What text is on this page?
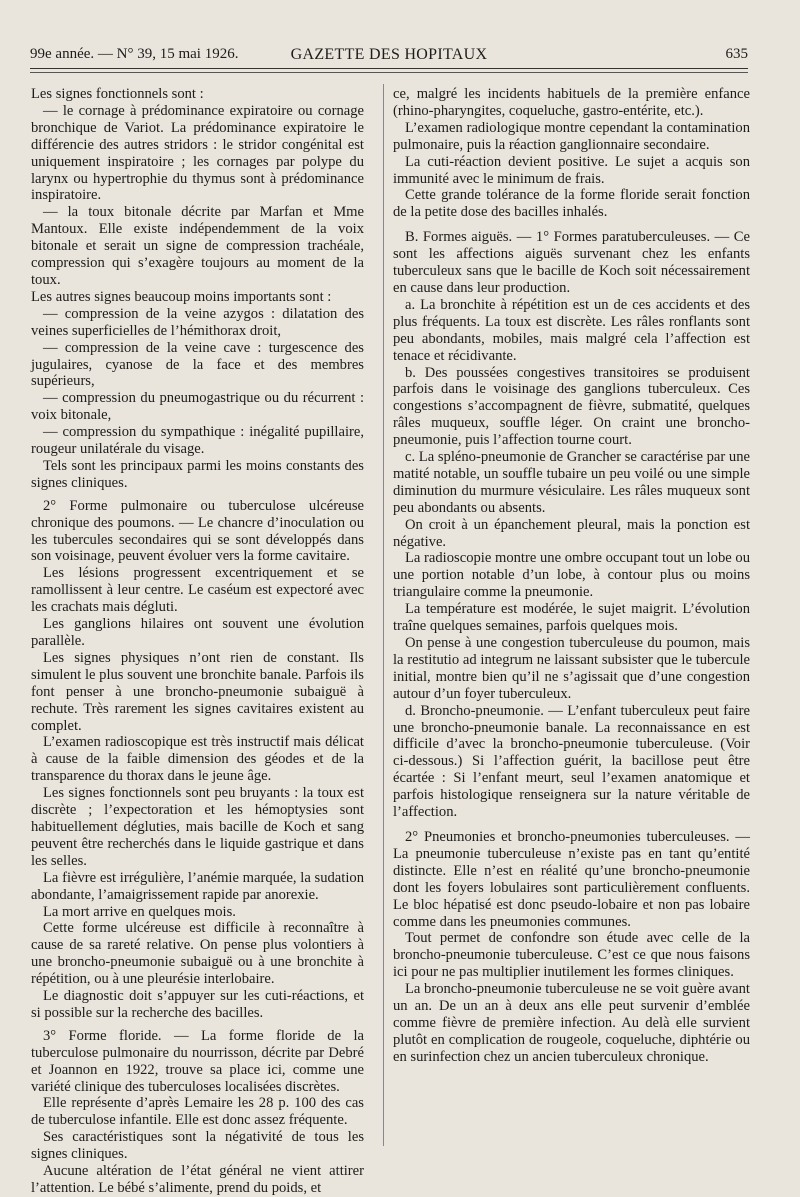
99e année. — N° 39, 15 mai 1926.	GAZETTE DES HOPITAUX	635

Les signes fonctionnels sont :

— le cornage à prédominance expiratoire ou cornage bronchique de Variot. La prédominance expiratoire le différencie des autres stridors : le stridor congénital est uniquement inspiratoire ; les cornages par polype du larynx ou hypertrophie du thymus sont à prédominance inspiratoire.

— la toux bitonale décrite par Marfan et Mme Mantoux. Elle existe indépendemment de la voix bitonale et serait un signe de compression trachéale, compression qui s’exagère toujours au moment de la toux.

Les autres signes beaucoup moins importants sont :

— compression de la veine azygos : dilatation des veines superficielles de l’hémithorax droit,

— compression de la veine cave : turgescence des jugulaires, cyanose de la face et des membres supérieurs,

— compression du pneumogastrique ou du récurrent : voix bitonale,

— compression du sympathique : inégalité pupillaire, rougeur unilatérale du visage.

Tels sont les principaux parmi les moins constants des signes cliniques.

2° Forme pulmonaire ou tuberculose ulcéreuse chronique des poumons. — Le chancre d’inoculation ou les tubercules secondaires qui se sont développés dans son voisinage, peuvent évoluer vers la forme cavitaire.

Les lésions progressent excentriquement et se ramollissent à leur centre. Le caséum est expectoré avec les crachats mais dégluti.

Les ganglions hilaires ont souvent une évolution parallèle.

Les signes physiques n’ont rien de constant. Ils simulent le plus souvent une bronchite banale. Parfois ils font penser à une broncho-pneumonie subaiguë à rechute. Très rarement les signes cavitaires existent au complet.

L’examen radioscopique est très instructif mais délicat à cause de la faible dimension des géodes et de la transparence du thorax dans le jeune âge.

Les signes fonctionnels sont peu bruyants : la toux est discrète ; l’expectoration et les hémoptysies sont habituellement dégluties, mais bacille de Koch et sang peuvent être recherchés dans le liquide gastrique et dans les selles.

La fièvre est irrégulière, l’anémie marquée, la sudation abondante, l’amaigrissement rapide par anorexie.

La mort arrive en quelques mois.

Cette forme ulcéreuse est difficile à reconnaître à cause de sa rareté relative. On pense plus volontiers à une broncho-pneumonie subaiguë ou à une bronchite à répétition, ou à une pleurésie interlobaire.

Le diagnostic doit s’appuyer sur les cuti-réactions, et si possible sur la recherche des bacilles.

3° Forme floride. — La forme floride de la tuberculose pulmonaire du nourrisson, décrite par Debré et Joannon en 1922, trouve sa place ici, comme une variété clinique des tuberculoses localisées discrètes.

Elle représente d’après Lemaire les 28 p. 100 des cas de tuberculose infantile. Elle est donc assez fréquente.

Ses caractéristiques sont la négativité de tous les signes cliniques.

Aucune altération de l’état général ne vient attirer l’attention. Le bébé s’alimente, prend du poids, et

ce, malgré les incidents habituels de la première enfance (rhino-pharyngites, coqueluche, gastro-entérite, etc.).

L’examen radiologique montre cependant la contamination pulmonaire, puis la réaction ganglionnaire secondaire.

La cuti-réaction devient positive. Le sujet a acquis son immunité avec le minimum de frais.

Cette grande tolérance de la forme floride serait fonction de la petite dose des bacilles inhalés.

B. Formes aiguës. — 1° Formes paratuberculeuses. — Ce sont les affections aiguës survenant chez les enfants tuberculeux sans que le bacille de Koch soit nécessairement en cause dans leur production.

a. La bronchite à répétition est un de ces accidents et des plus fréquents. La toux est discrète. Les râles ronflants sont peu abondants, mobiles, mais malgré cela l’affection est tenace et récidivante.

b. Des poussées congestives transitoires se produisent parfois dans le voisinage des ganglions tuberculeux. Ces congestions s’accompagnent de fièvre, submatité, quelques râles muqueux, souffle léger. On craint une broncho-pneumonie, puis l’affection tourne court.

c. La spléno-pneumonie de Grancher se caractérise par une matité notable, un souffle tubaire un peu voilé ou une simple diminution du murmure vésiculaire. Les râles muqueux sont peu abondants ou absents.

On croit à un épanchement pleural, mais la ponction est négative.

La radioscopie montre une ombre occupant tout un lobe ou une portion notable d’un lobe, à contour plus ou moins triangulaire comme la pneumonie.

La température est modérée, le sujet maigrit. L’évolution traîne quelques semaines, parfois quelques mois.

On pense à une congestion tuberculeuse du poumon, mais la restitutio ad integrum ne laissant subsister que le tubercule initial, montre bien qu’il ne s’agissait que d’une congestion autour d’un foyer tuberculeux.

d. Broncho-pneumonie. — L’enfant tuberculeux peut faire une broncho-pneumonie banale. La reconnaissance en est difficile d’avec la broncho-pneumonie tuberculeuse. (Voir ci-dessous.) Si l’affection guérit, la bacillose peut être écartée : Si l’enfant meurt, seul l’examen anatomique et parfois histologique renseignera sur la nature véritable de l’affection.

2° Pneumonies et broncho-pneumonies tuberculeuses. — La pneumonie tuberculeuse n’existe pas en tant qu’entité distincte. Elle n’est en réalité qu’une broncho-pneumonie dont les foyers lobulaires sont particulièrement confluents. Le bloc hépatisé est donc pseudo-lobaire et non pas lobaire comme dans les pneumonies communes.

Tout permet de confondre son étude avec celle de la broncho-pneumonie tuberculeuse. C’est ce que nous faisons ici pour ne pas multiplier inutilement les formes cliniques.

La broncho-pneumonie tuberculeuse ne se voit guère avant un an. De un an à deux ans elle peut survenir d’emblée comme fièvre de première infection. Au delà elle survient plutôt en complication de rougeole, coqueluche, diphtérie ou en surinfection chez un ancien tuberculeux chronique.
